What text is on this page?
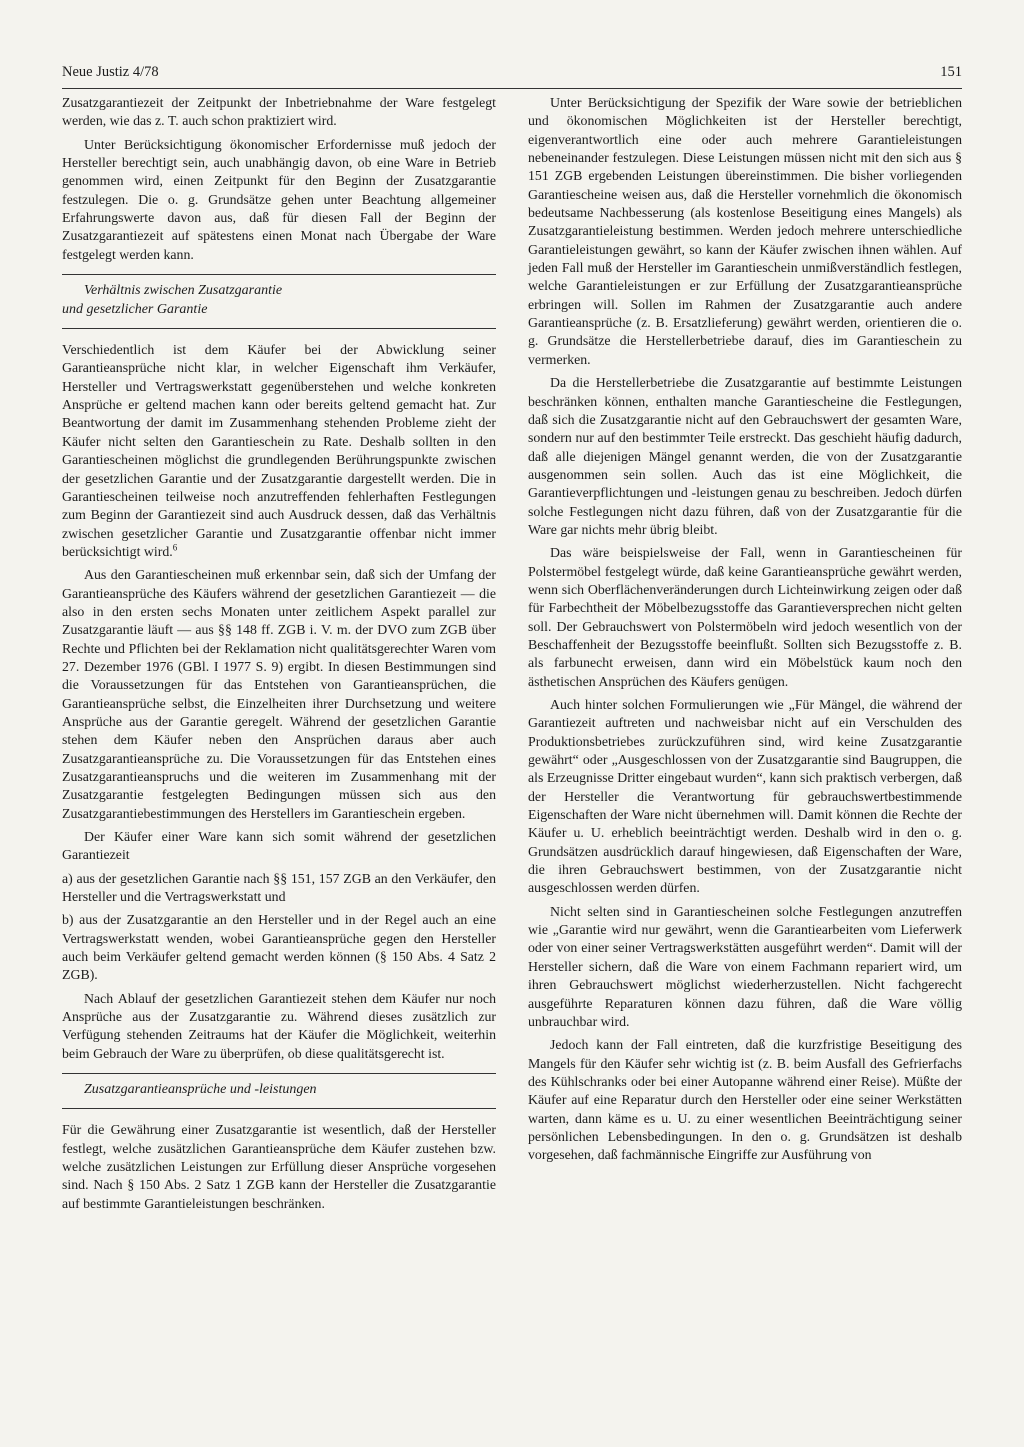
Neue Justiz 4/78	151

Zusatzgarantiezeit der Zeitpunkt der Inbetriebnahme der Ware festgelegt werden, wie das z. T. auch schon praktiziert wird.

Unter Berücksichtigung ökonomischer Erfordernisse muß jedoch der Hersteller berechtigt sein, auch unabhängig davon, ob eine Ware in Betrieb genommen wird, einen Zeitpunkt für den Beginn der Zusatzgarantie festzulegen. Die o. g. Grundsätze gehen unter Beachtung allgemeiner Erfahrungswerte davon aus, daß für diesen Fall der Beginn der Zusatzgarantiezeit auf spätestens einen Monat nach Übergabe der Ware festgelegt werden kann.

Verhältnis zwischen Zusatzgarantie
und gesetzlicher Garantie

Verschiedentlich ist dem Käufer bei der Abwicklung seiner Garantieansprüche nicht klar, in welcher Eigenschaft ihm Verkäufer, Hersteller und Vertragswerkstatt gegenüberstehen und welche konkreten Ansprüche er geltend machen kann oder bereits geltend gemacht hat. Zur Beantwortung der damit im Zusammenhang stehenden Probleme zieht der Käufer nicht selten den Garantieschein zu Rate. Deshalb sollten in den Garantiescheinen möglichst die grundlegenden Berührungspunkte zwischen der gesetzlichen Garantie und der Zusatzgarantie dargestellt werden. Die in Garantiescheinen teilweise noch anzutreffenden fehlerhaften Festlegungen zum Beginn der Garantiezeit sind auch Ausdruck dessen, daß das Verhältnis zwischen gesetzlicher Garantie und Zusatzgarantie offenbar nicht immer berücksichtigt wird.$^6$

Aus den Garantiescheinen muß erkennbar sein, daß sich der Umfang der Garantieansprüche des Käufers während der gesetzlichen Garantiezeit — die also in den ersten sechs Monaten unter zeitlichem Aspekt parallel zur Zusatzgarantie läuft — aus §§ 148 ff. ZGB i. V. m. der DVO zum ZGB über Rechte und Pflichten bei der Reklamation nicht qualitätsgerechter Waren vom 27. Dezember 1976 (GBl. I 1977 S. 9) ergibt. In diesen Bestimmungen sind die Voraussetzungen für das Entstehen von Garantieansprüchen, die Garantieansprüche selbst, die Einzelheiten ihrer Durchsetzung und weitere Ansprüche aus der Garantie geregelt. Während der gesetzlichen Garantie stehen dem Käufer neben den Ansprüchen daraus aber auch Zusatzgarantieansprüche zu. Die Voraussetzungen für das Entstehen eines Zusatzgarantieanspruchs und die weiteren im Zusammenhang mit der Zusatzgarantie festgelegten Bedingungen müssen sich aus den Zusatzgarantiebestimmungen des Herstellers im Garantieschein ergeben.

Der Käufer einer Ware kann sich somit während der gesetzlichen Garantiezeit

a) aus der gesetzlichen Garantie nach §§ 151, 157 ZGB an den Verkäufer, den Hersteller und die Vertragswerkstatt und

b) aus der Zusatzgarantie an den Hersteller und in der Regel auch an eine Vertragswerkstatt wenden, wobei Garantieansprüche gegen den Hersteller auch beim Verkäufer geltend gemacht werden können (§ 150 Abs. 4 Satz 2 ZGB).

Nach Ablauf der gesetzlichen Garantiezeit stehen dem Käufer nur noch Ansprüche aus der Zusatzgarantie zu. Während dieses zusätzlich zur Verfügung stehenden Zeitraums hat der Käufer die Möglichkeit, weiterhin beim Gebrauch der Ware zu überprüfen, ob diese qualitätsgerecht ist.

Zusatzgarantieansprüche und -leistungen

Für die Gewährung einer Zusatzgarantie ist wesentlich, daß der Hersteller festlegt, welche zusätzlichen Garantieansprüche dem Käufer zustehen bzw. welche zusätzlichen Leistungen zur Erfüllung dieser Ansprüche vorgesehen sind. Nach § 150 Abs. 2 Satz 1 ZGB kann der Hersteller die Zusatzgarantie auf bestimmte Garantieleistungen beschränken.

Unter Berücksichtigung der Spezifik der Ware sowie der betrieblichen und ökonomischen Möglichkeiten ist der Hersteller berechtigt, eigenverantwortlich eine oder auch mehrere Garantieleistungen nebeneinander festzulegen. Diese Leistungen müssen nicht mit den sich aus § 151 ZGB ergebenden Leistungen übereinstimmen. Die bisher vorliegenden Garantiescheine weisen aus, daß die Hersteller vornehmlich die ökonomisch bedeutsame Nachbesserung (als kostenlose Beseitigung eines Mangels) als Zusatzgarantieleistung bestimmen. Werden jedoch mehrere unterschiedliche Garantieleistungen gewährt, so kann der Käufer zwischen ihnen wählen. Auf jeden Fall muß der Hersteller im Garantieschein unmißverständlich festlegen, welche Garantieleistungen er zur Erfüllung der Zusatzgarantieansprüche erbringen will. Sollen im Rahmen der Zusatzgarantie auch andere Garantieansprüche (z. B. Ersatzlieferung) gewährt werden, orientieren die o. g. Grundsätze die Herstellerbetriebe darauf, dies im Garantieschein zu vermerken.

Da die Herstellerbetriebe die Zusatzgarantie auf bestimmte Leistungen beschränken können, enthalten manche Garantiescheine die Festlegungen, daß sich die Zusatzgarantie nicht auf den Gebrauchswert der gesamten Ware, sondern nur auf den bestimmter Teile erstreckt. Das geschieht häufig dadurch, daß alle diejenigen Mängel genannt werden, die von der Zusatzgarantie ausgenommen sein sollen. Auch das ist eine Möglichkeit, die Garantieverpflichtungen und -leistungen genau zu beschreiben. Jedoch dürfen solche Festlegungen nicht dazu führen, daß von der Zusatzgarantie für die Ware gar nichts mehr übrig bleibt.

Das wäre beispielsweise der Fall, wenn in Garantiescheinen für Polstermöbel festgelegt würde, daß keine Garantieansprüche gewährt werden, wenn sich Oberflächenveränderungen durch Lichteinwirkung zeigen oder daß für Farbechtheit der Möbelbezugsstoffe das Garantieversprechen nicht gelten soll. Der Gebrauchswert von Polstermöbeln wird jedoch wesentlich von der Beschaffenheit der Bezugsstoffe beeinflußt. Sollten sich Bezugsstoffe z. B. als farbunecht erweisen, dann wird ein Möbelstück kaum noch den ästhetischen Ansprüchen des Käufers genügen.

Auch hinter solchen Formulierungen wie „Für Mängel, die während der Garantiezeit auftreten und nachweisbar nicht auf ein Verschulden des Produktionsbetriebes zurückzuführen sind, wird keine Zusatzgarantie gewährt“ oder „Ausgeschlossen von der Zusatzgarantie sind Baugruppen, die als Erzeugnisse Dritter eingebaut wurden“, kann sich praktisch verbergen, daß der Hersteller die Verantwortung für gebrauchswertbestimmende Eigenschaften der Ware nicht übernehmen will. Damit können die Rechte der Käufer u. U. erheblich beeinträchtigt werden. Deshalb wird in den o. g. Grundsätzen ausdrücklich darauf hingewiesen, daß Eigenschaften der Ware, die ihren Gebrauchswert bestimmen, von der Zusatzgarantie nicht ausgeschlossen werden dürfen.

Nicht selten sind in Garantiescheinen solche Festlegungen anzutreffen wie „Garantie wird nur gewährt, wenn die Garantiearbeiten vom Lieferwerk oder von einer seiner Vertragswerkstätten ausgeführt werden“. Damit will der Hersteller sichern, daß die Ware von einem Fachmann repariert wird, um ihren Gebrauchswert möglichst wiederherzustellen. Nicht fachgerecht ausgeführte Reparaturen können dazu führen, daß die Ware völlig unbrauchbar wird.

Jedoch kann der Fall eintreten, daß die kurzfristige Beseitigung des Mangels für den Käufer sehr wichtig ist (z. B. beim Ausfall des Gefrierfachs des Kühlschranks oder bei einer Autopanne während einer Reise). Müßte der Käufer auf eine Reparatur durch den Hersteller oder eine seiner Werkstätten warten, dann käme es u. U. zu einer wesentlichen Beeinträchtigung seiner persönlichen Lebensbedingungen. In den o. g. Grundsätzen ist deshalb vorgesehen, daß fachmännische Eingriffe zur Ausführung von
